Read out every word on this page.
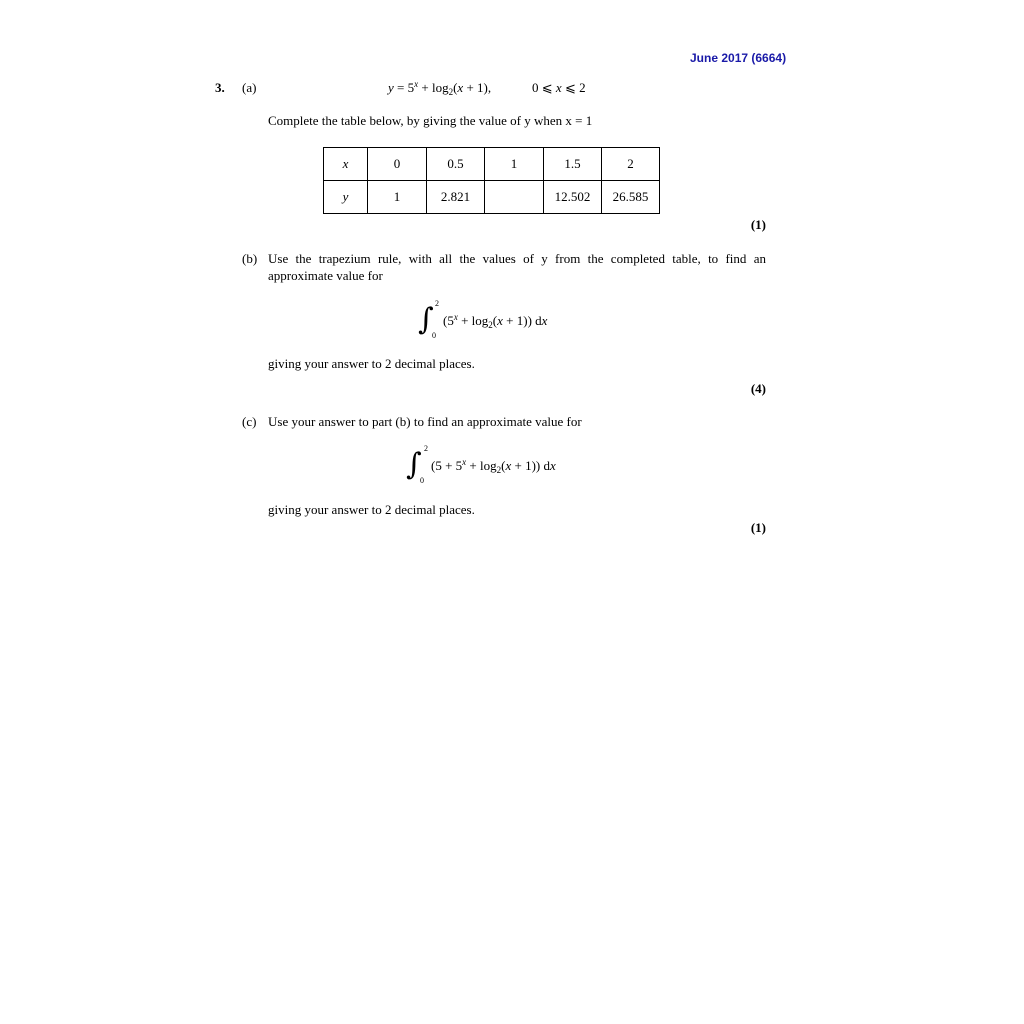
June 2017 (6664)
3. (a)	$y = 5^x + \log_2(x + 1)$,	0 ⩽ x ⩽ 2
Complete the table below, by giving the value of y when x = 1
x	0	0.5	1	1.5	2
y	1	2.821		12.502	26.585
(1)
(b) Use the trapezium rule, with all the values of y from the completed table, to find an
approximate value for
∫ 2
0
$(5^x + \log_2(x + 1))$ dx
giving your answer to 2 decimal places.
(4)
(c) Use your answer to part (b) to find an approximate value for
∫ 2
0
$(5 + 5^x + \log_2(x + 1))$ dx
giving your answer to 2 decimal places.
(1)
